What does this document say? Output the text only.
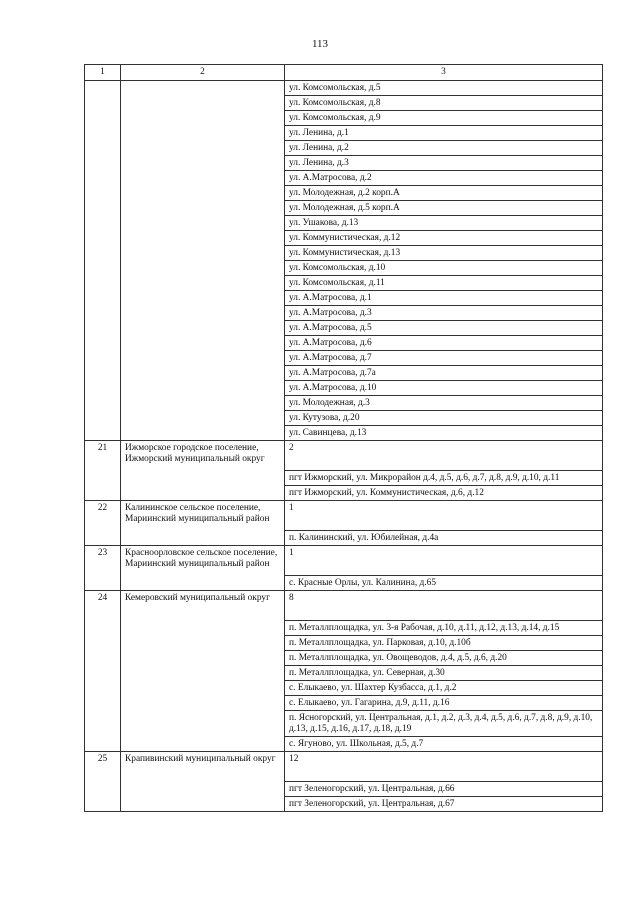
113
1	2	3
		ул. Комсомольская, д.5
		ул. Комсомольская, д.8
		ул. Комсомольская, д.9
		ул. Ленина, д.1
		ул. Ленина, д.2
		ул. Ленина, д.3
		ул. А.Матросова, д.2
		ул. Молодежная, д.2 корп.А
		ул. Молодежная, д.5 корп.А
		ул. Ушакова, д.13
		ул. Коммунистическая, д.12
		ул. Коммунистическая, д.13
		ул. Комсомольская, д.10
		ул. Комсомольская, д.11
		ул. А.Матросова, д.1
		ул. А.Матросова, д.3
		ул. А.Матросова, д.5
		ул. А.Матросова, д.6
		ул. А.Матросова, д.7
		ул. А.Матросова, д.7а
		ул. А.Матросова, д.10
		ул. Молодежная, д.3
		ул. Кутузова, д.20
		ул. Савинцева, д.13
21	Ижморское городское поселение, Ижморский муниципальный округ	2
		пгт Ижморский, ул. Микрорайон д.4, д.5, д.6, д.7, д.8, д.9, д.10, д.11
		пгт Ижморский, ул. Коммунистическая, д.6, д.12
22	Калининское сельское поселение, Мариинский муниципальный район	1
		п. Калининский, ул. Юбилейная, д.4а
23	Красноорловское сельское поселение, Мариинский муниципальный район	1
		с. Красные Орлы, ул. Калинина, д.65
24	Кемеровский муниципальный округ	8
		п. Металлплощадка, ул. 3-я Рабочая, д.10, д.11, д.12, д.13, д.14, д.15
		п. Металлплощадка, ул. Парковая, д.10, д.10б
		п. Металлплощадка, ул. Овощеводов, д.4, д.5, д.6, д.20
		п. Металлплощадка, ул. Северная, д.30
		с. Елыкаево, ул. Шахтер Кузбасса, д.1, д.2
		с. Елыкаево, ул. Гагарина, д.9, д.11, д.16
		п. Ясногорский, ул. Центральная, д.1, д.2, д.3, д.4, д.5, д.6, д.7, д.8, д.9, д.10, д.13, д.15, д.16, д.17, д.18, д.19
		с. Ягуново, ул. Школьная, д.5, д.7
25	Крапивинский муниципальный округ	12
		пгт Зеленогорский, ул. Центральная, д.66
		пгт Зеленогорский, ул. Центральная, д.67
